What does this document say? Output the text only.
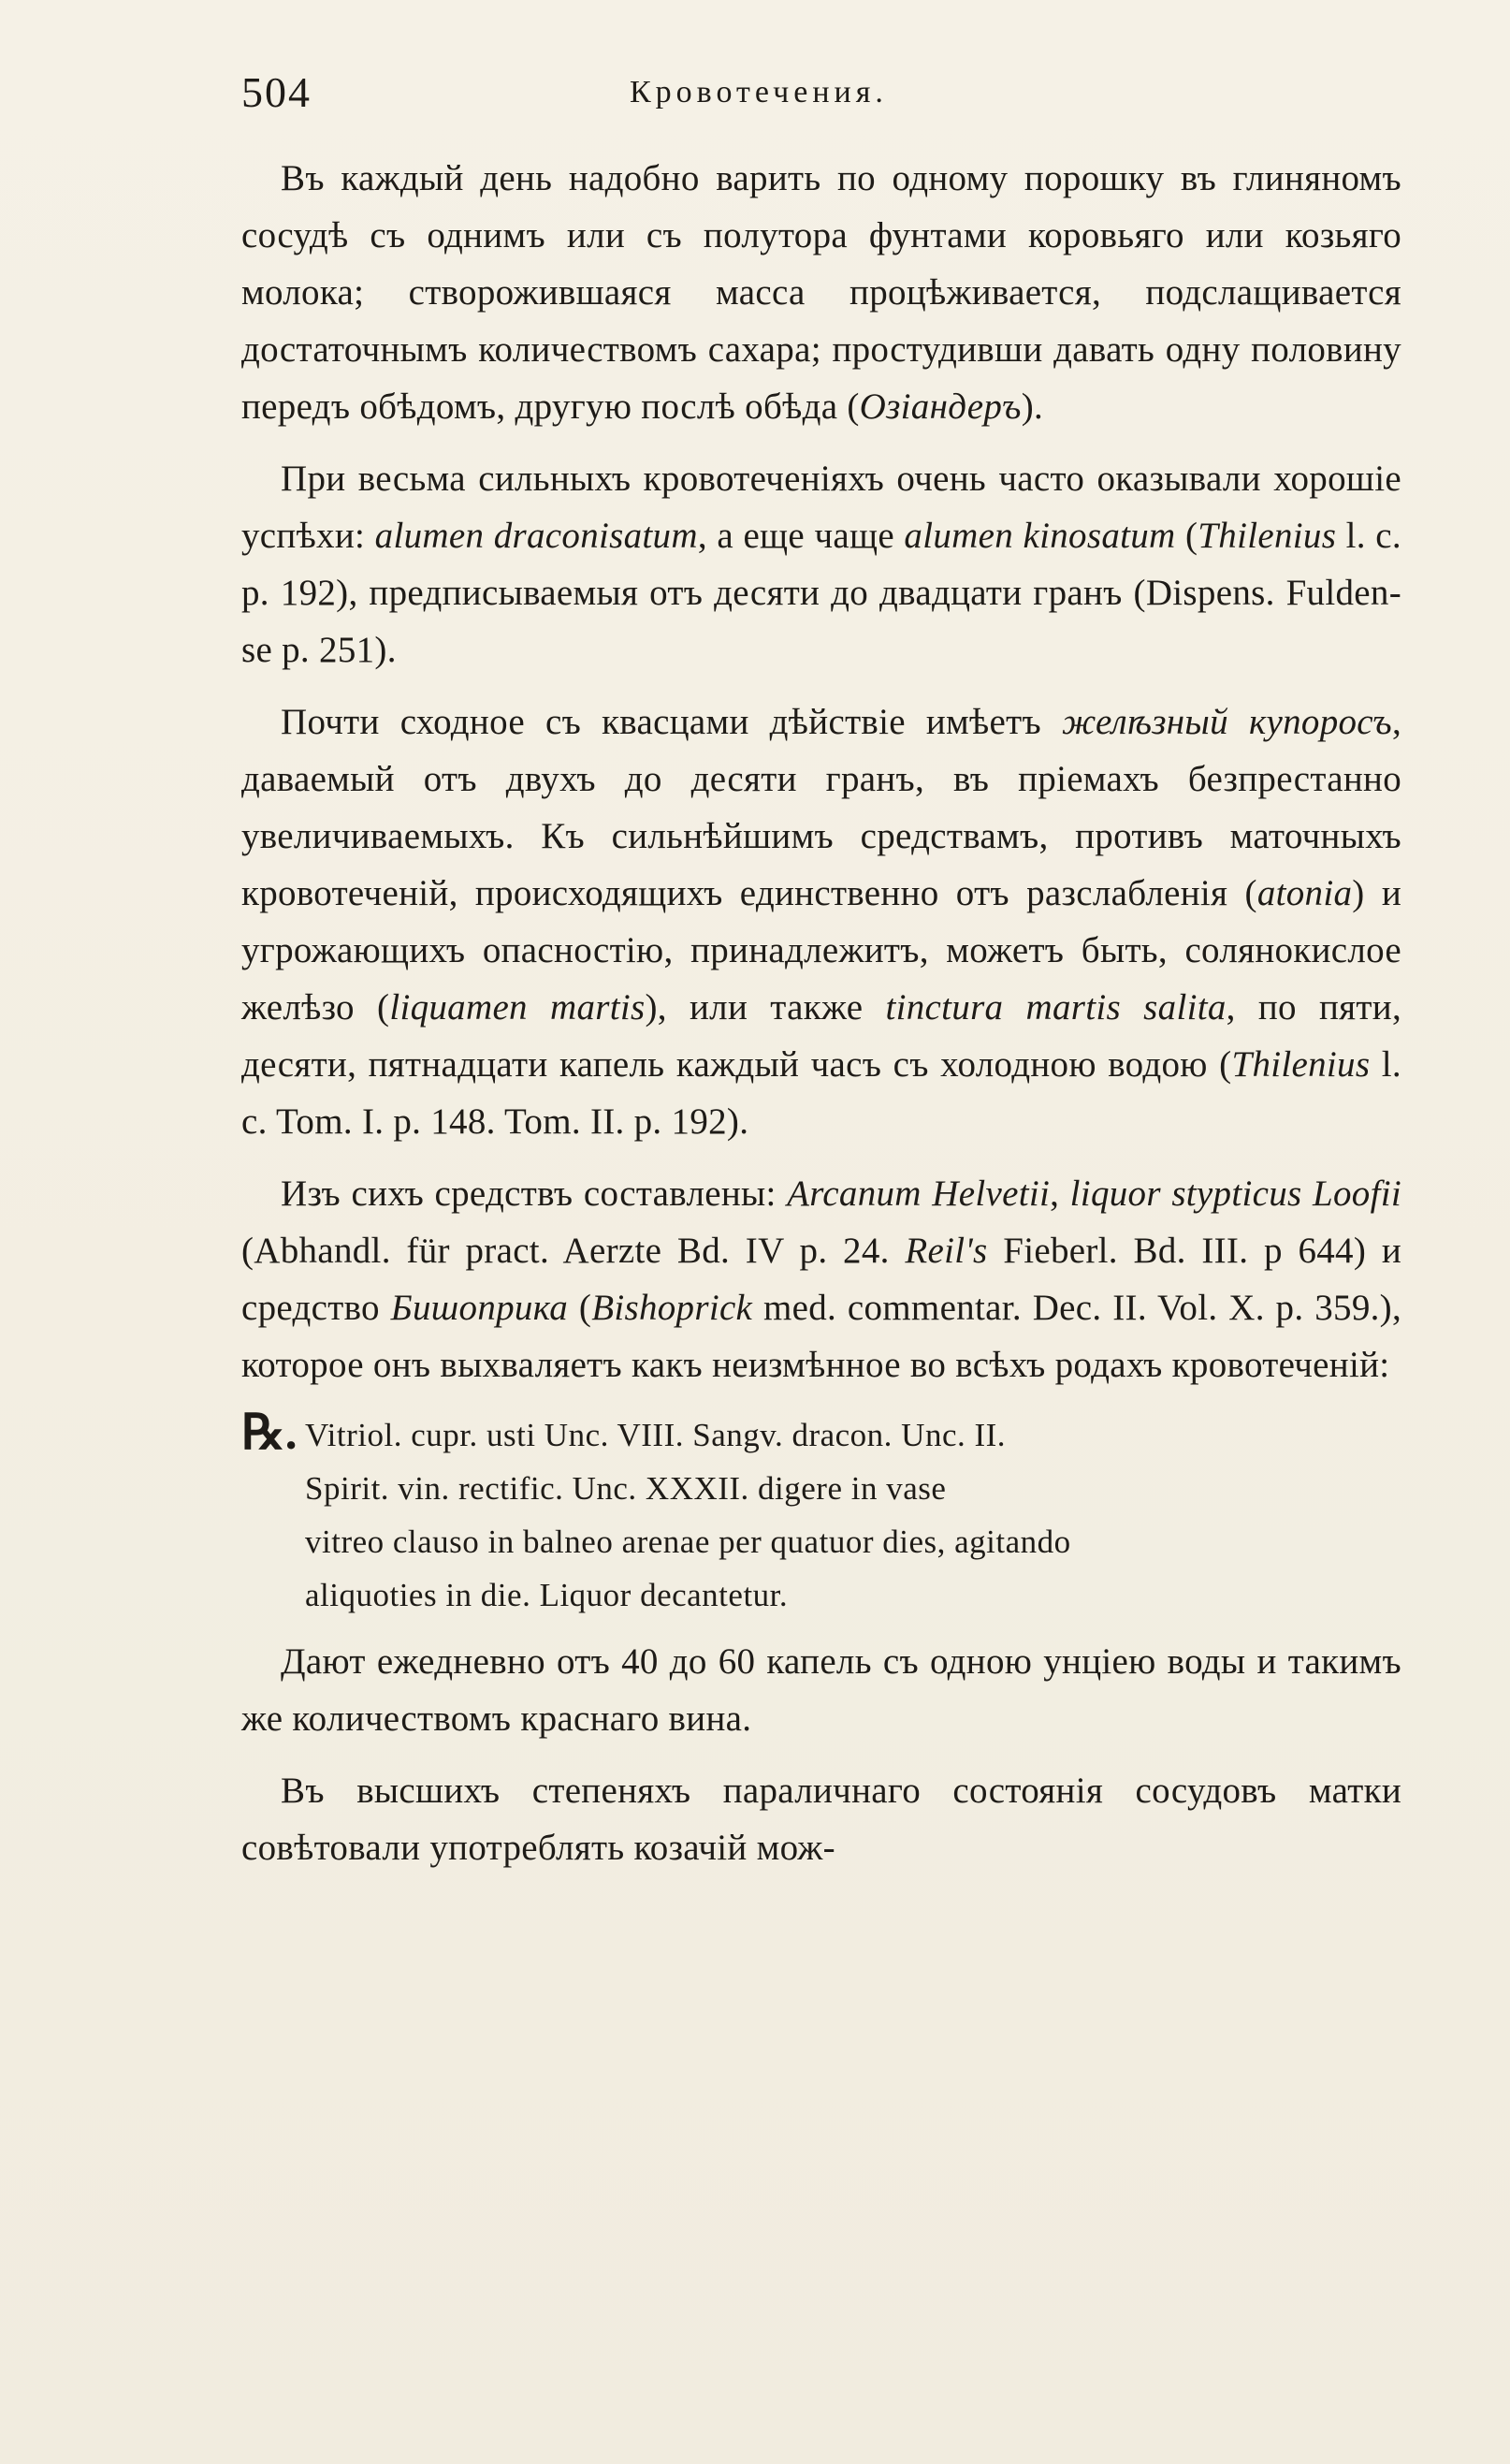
504	Кровотечения.

Въ каждый день надобно варить по одному порошку въ глиняномъ сосудѣ съ однимъ или съ полутора фунтами коровьяго или козьяго молока; створожившаяся масса процѣживается, подслащивается достаточнымъ количествомъ сахара; простудивши давать одну половину передъ обѣдомъ, другую послѣ обѣда (Озіандеръ).

При весьма сильныхъ кровотеченіяхъ очень часто оказывали хорошіе успѣхи: alumen draconisatum, а еще чаще alumen kinosatum (Thilenius l. c. p. 192), предписываемыя отъ десяти до двадцати гранъ (Dispens. Fulden-se p. 251).

Почти сходное съ квасцами дѣйствіе имѣетъ желѣзный купоросъ, даваемый отъ двухъ до десяти гранъ, въ пріемахъ безпрестанно увеличиваемыхъ. Къ сильнѣйшимъ средствамъ, противъ маточныхъ кровотеченій, происходящихъ единственно отъ разслабленія (atonia) и угрожающихъ опасностію, принадлежитъ, можетъ быть, солянокислое желѣзо (liquamen martis), или также tinctura martis salita, по пяти, десяти, пятнадцати капель каждый часъ съ холодною водою (Thilenius l. c. Tom. I. p. 148. Tom. II. p. 192).

Изъ сихъ средствъ составлены: Arcanum Helvetii, liquor stypticus Loofii (Abhandl. für pract. Aerzte Bd. IV p. 24. Reil's Fieberl. Bd. III. p 644) и средство Бишоприка (Bishoprick med. commentar. Dec. II. Vol. X. p. 359.), которое онъ выхваляетъ какъ неизмѣнное во всѣхъ родахъ кровотеченій:

℞. Vitriol. cupr. usti Unc. VIII. Sangv. dracon. Unc. II.
Spirit. vin. rectific. Unc. XXXII. digere in vase
vitreo clauso in balneo arenae per quatuor dies, agitando
aliquoties in die. Liquor decantetur.

Дают ежедневно отъ 40 до 60 капель съ одною унціею воды и такимъ же количествомъ краснаго вина.

Въ высшихъ степеняхъ параличнаго состоянія сосудовъ матки совѣтовали употреблять козачій мож-
